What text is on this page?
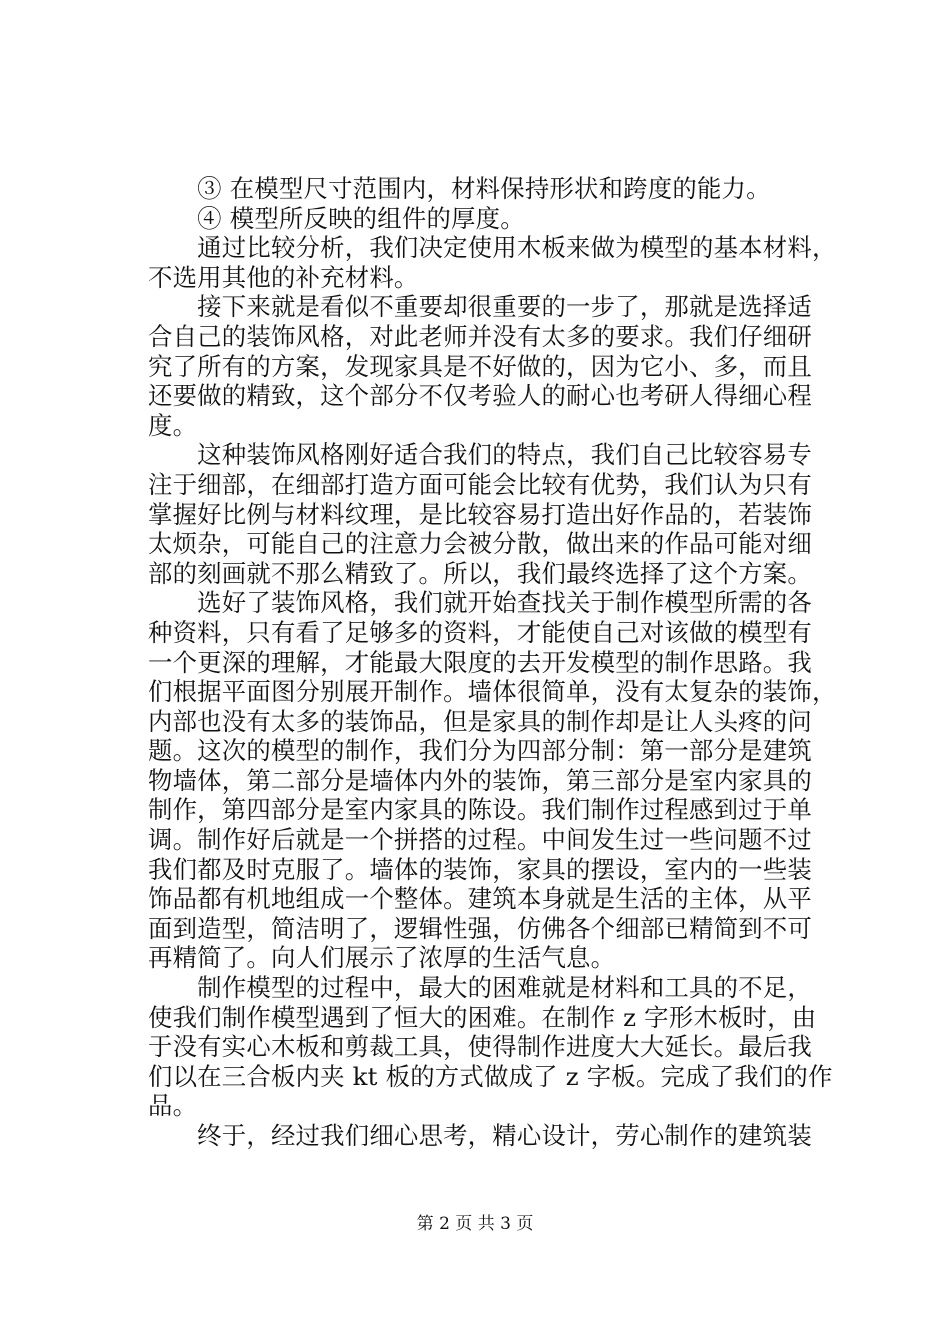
　　③ 在模型尺寸范围内，材料保持形状和跨度的能力。
　　④ 模型所反映的组件的厚度。
　　通过比较分析，我们决定使用木板来做为模型的基本材料，
不选用其他的补充材料。
　　接下来就是看似不重要却很重要的一步了，那就是选择适
合自己的装饰风格，对此老师并没有太多的要求。我们仔细研
究了所有的方案，发现家具是不好做的，因为它小、多，而且
还要做的精致，这个部分不仅考验人的耐心也考研人得细心程
度。
　　这种装饰风格刚好适合我们的特点，我们自己比较容易专
注于细部，在细部打造方面可能会比较有优势，我们认为只有
掌握好比例与材料纹理，是比较容易打造出好作品的，若装饰
太烦杂，可能自己的注意力会被分散，做出来的作品可能对细
部的刻画就不那么精致了。所以，我们最终选择了这个方案。
　　选好了装饰风格，我们就开始查找关于制作模型所需的各
种资料，只有看了足够多的资料，才能使自己对该做的模型有
一个更深的理解，才能最大限度的去开发模型的制作思路。我
们根据平面图分别展开制作。墙体很简单，没有太复杂的装饰，
内部也没有太多的装饰品，但是家具的制作却是让人头疼的问
题。这次的模型的制作，我们分为四部分制：第一部分是建筑
物墙体，第二部分是墙体内外的装饰，第三部分是室内家具的
制作，第四部分是室内家具的陈设。我们制作过程感到过于单
调。制作好后就是一个拼搭的过程。中间发生过一些问题不过
我们都及时克服了。墙体的装饰，家具的摆设，室内的一些装
饰品都有机地组成一个整体。建筑本身就是生活的主体，从平
面到造型，简洁明了，逻辑性强，仿佛各个细部已精简到不可
再精简了。向人们展示了浓厚的生活气息。
　　制作模型的过程中，最大的困难就是材料和工具的不足，
使我们制作模型遇到了恒大的困难。在制作 z 字形木板时，由
于没有实心木板和剪裁工具，使得制作进度大大延长。最后我
们以在三合板内夹 kt 板的方式做成了 z 字板。完成了我们的作
品。
　　终于，经过我们细心思考，精心设计，劳心制作的建筑装
第 2 页 共 3 页
